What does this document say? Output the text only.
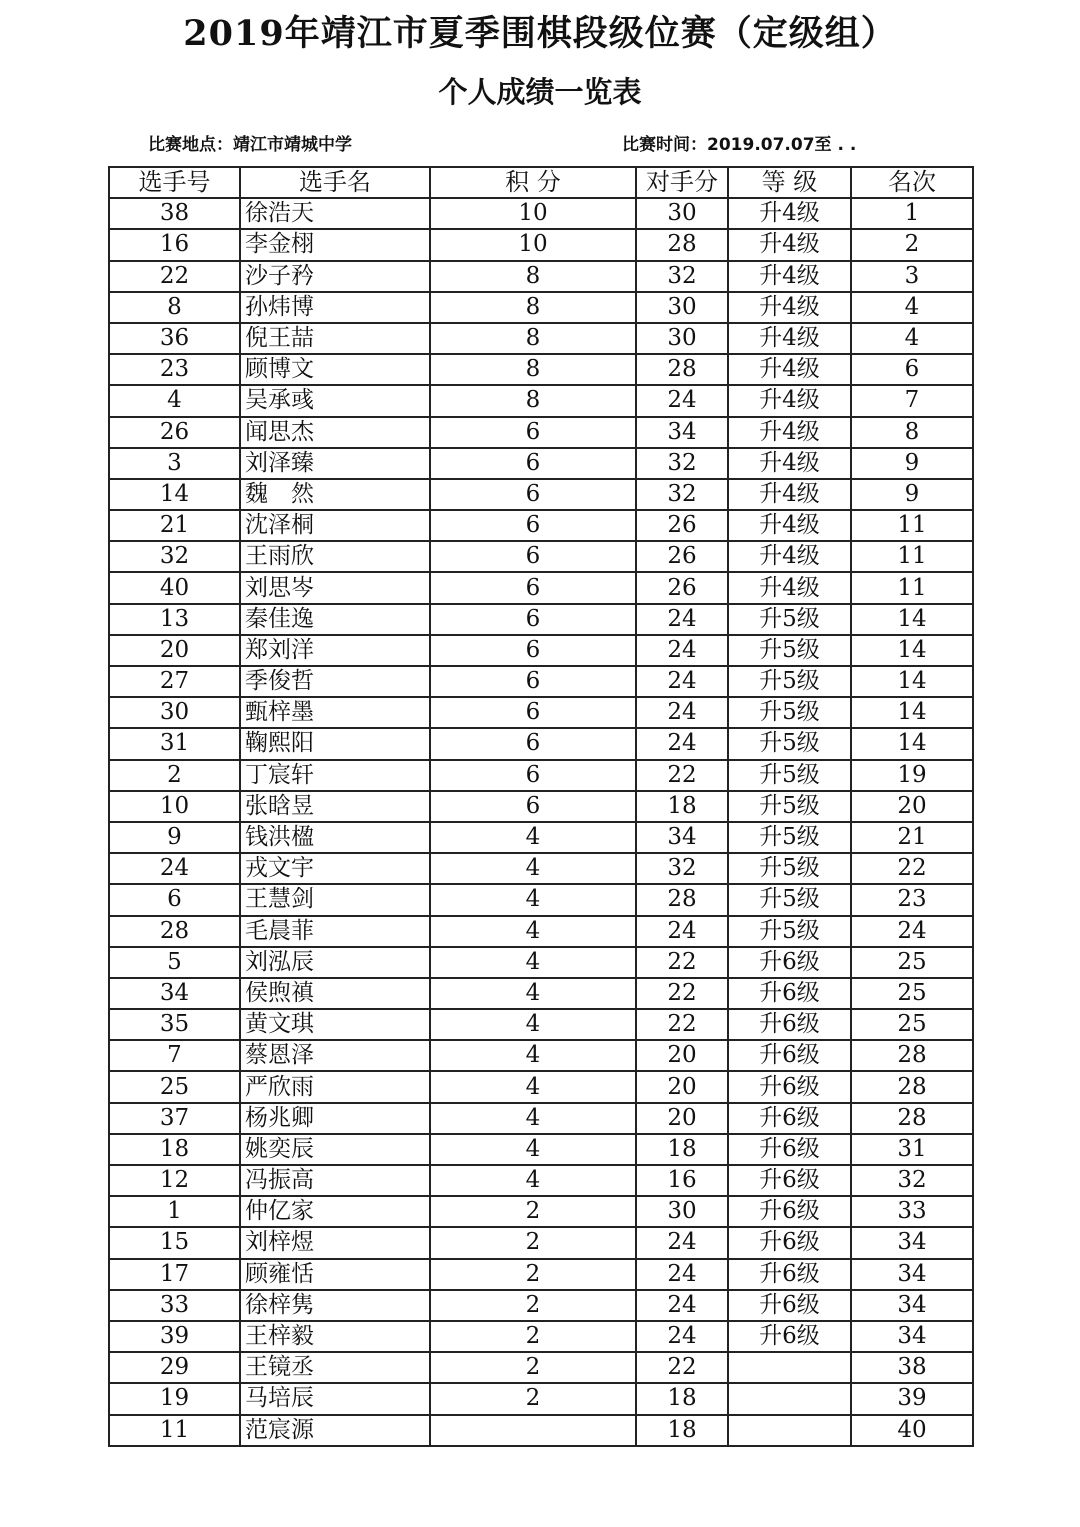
2019年靖江市夏季围棋段级位赛（定级组）
个人成绩一览表
比赛地点：靖江市靖城中学	比赛时间：2019.07.07至 . .
选手号	选手名	积 分	对手分	等 级	名次
38	徐浩天	10	30	升4级	1
16	李金栩	10	28	升4级	2
22	沙子矜	8	32	升4级	3
8	孙炜博	8	30	升4级	4
36	倪王喆	8	30	升4级	4
23	顾博文	8	28	升4级	6
4	吴承彧	8	24	升4级	7
26	闻思杰	6	34	升4级	8
3	刘泽臻	6	32	升4级	9
14	魏　然	6	32	升4级	9
21	沈泽桐	6	26	升4级	11
32	王雨欣	6	26	升4级	11
40	刘思岑	6	26	升4级	11
13	秦佳逸	6	24	升5级	14
20	郑刘洋	6	24	升5级	14
27	季俊哲	6	24	升5级	14
30	甄梓墨	6	24	升5级	14
31	鞠熙阳	6	24	升5级	14
2	丁宸轩	6	22	升5级	19
10	张晗昱	6	18	升5级	20
9	钱洪楹	4	34	升5级	21
24	戎文宇	4	32	升5级	22
6	王慧剑	4	28	升5级	23
28	毛晨菲	4	24	升5级	24
5	刘泓辰	4	22	升6级	25
34	侯煦禛	4	22	升6级	25
35	黄文琪	4	22	升6级	25
7	蔡恩泽	4	20	升6级	28
25	严欣雨	4	20	升6级	28
37	杨兆卿	4	20	升6级	28
18	姚奕辰	4	18	升6级	31
12	冯振高	4	16	升6级	32
1	仲亿家	2	30	升6级	33
15	刘梓煜	2	24	升6级	34
17	顾雍恬	2	24	升6级	34
33	徐梓隽	2	24	升6级	34
39	王梓毅	2	24	升6级	34
29	王镜丞	2	22		38
19	马培辰	2	18		39
11	范宸源		18		40
